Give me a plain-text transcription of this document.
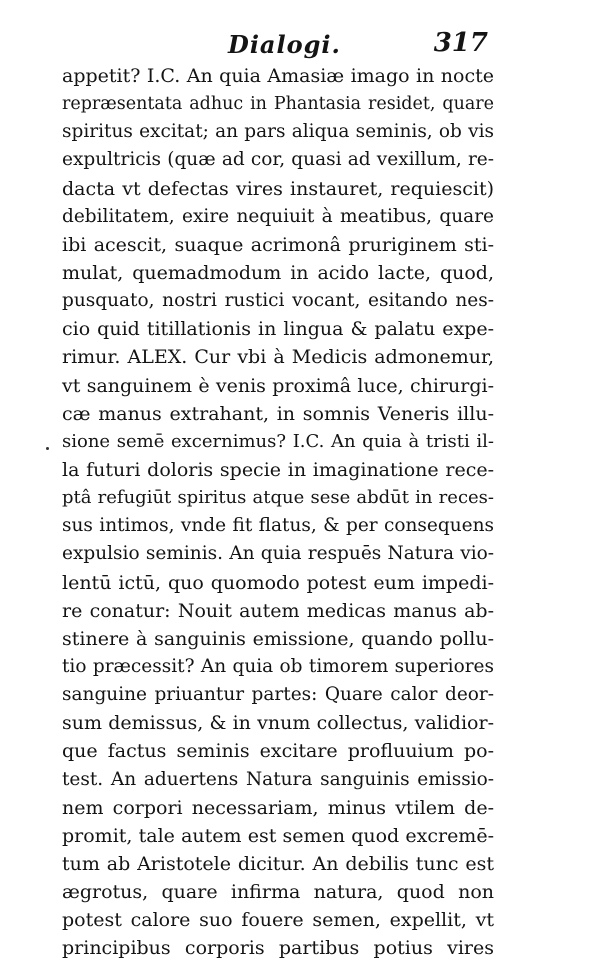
Dialogi.	317
appetit? I.C. An quia Amasiæ imago in nocte
repræsentata adhuc in Phantasia residet, quare
spiritus excitat; an pars aliqua seminis, ob vis
expultricis (quæ ad cor, quasi ad vexillum, re-
dacta vt defectas vires instauret, requiescit)
debilitatem, exire nequiuit à meatibus, quare
ibi acescit, suaque acrimonâ pruriginem sti-
mulat, quemadmodum in acido lacte, quod,
pusquato, nostri rustici vocant, esitando nes-
cio quid titillationis in lingua & palatu expe-
rimur. ALEX. Cur vbi à Medicis admonemur,
vt sanguinem è venis proximâ luce, chirurgi-
cæ manus extrahant, in somnis Veneris illu-
sione semē excernimus? I.C. An quia à tristi il-
la futuri doloris specie in imaginatione rece-
ptâ refugiūt spiritus atque sese abdūt in reces-
sus intimos, vnde fit flatus, & per consequens
expulsio seminis. An quia respuēs Natura vio-
lentū ictū, quo quomodo potest eum impedi-
re conatur: Nouit autem medicas manus ab-
stinere à sanguinis emissione, quando pollu-
tio præcessit? An quia ob timorem superiores
sanguine priuantur partes: Quare calor deor-
sum demissus, & in vnum collectus, validior-
que factus seminis excitare profluuium po-
test. An aduertens Natura sanguinis emissio-
nem corpori necessariam, minus vtilem de-
promit, tale autem est semen quod excremē-
tum ab Aristotele dicitur. An debilis tunc est
ægrotus, quare infirma natura, quod non
potest calore suo fouere semen, expellit, vt
principibus corporis partibus potius vires
